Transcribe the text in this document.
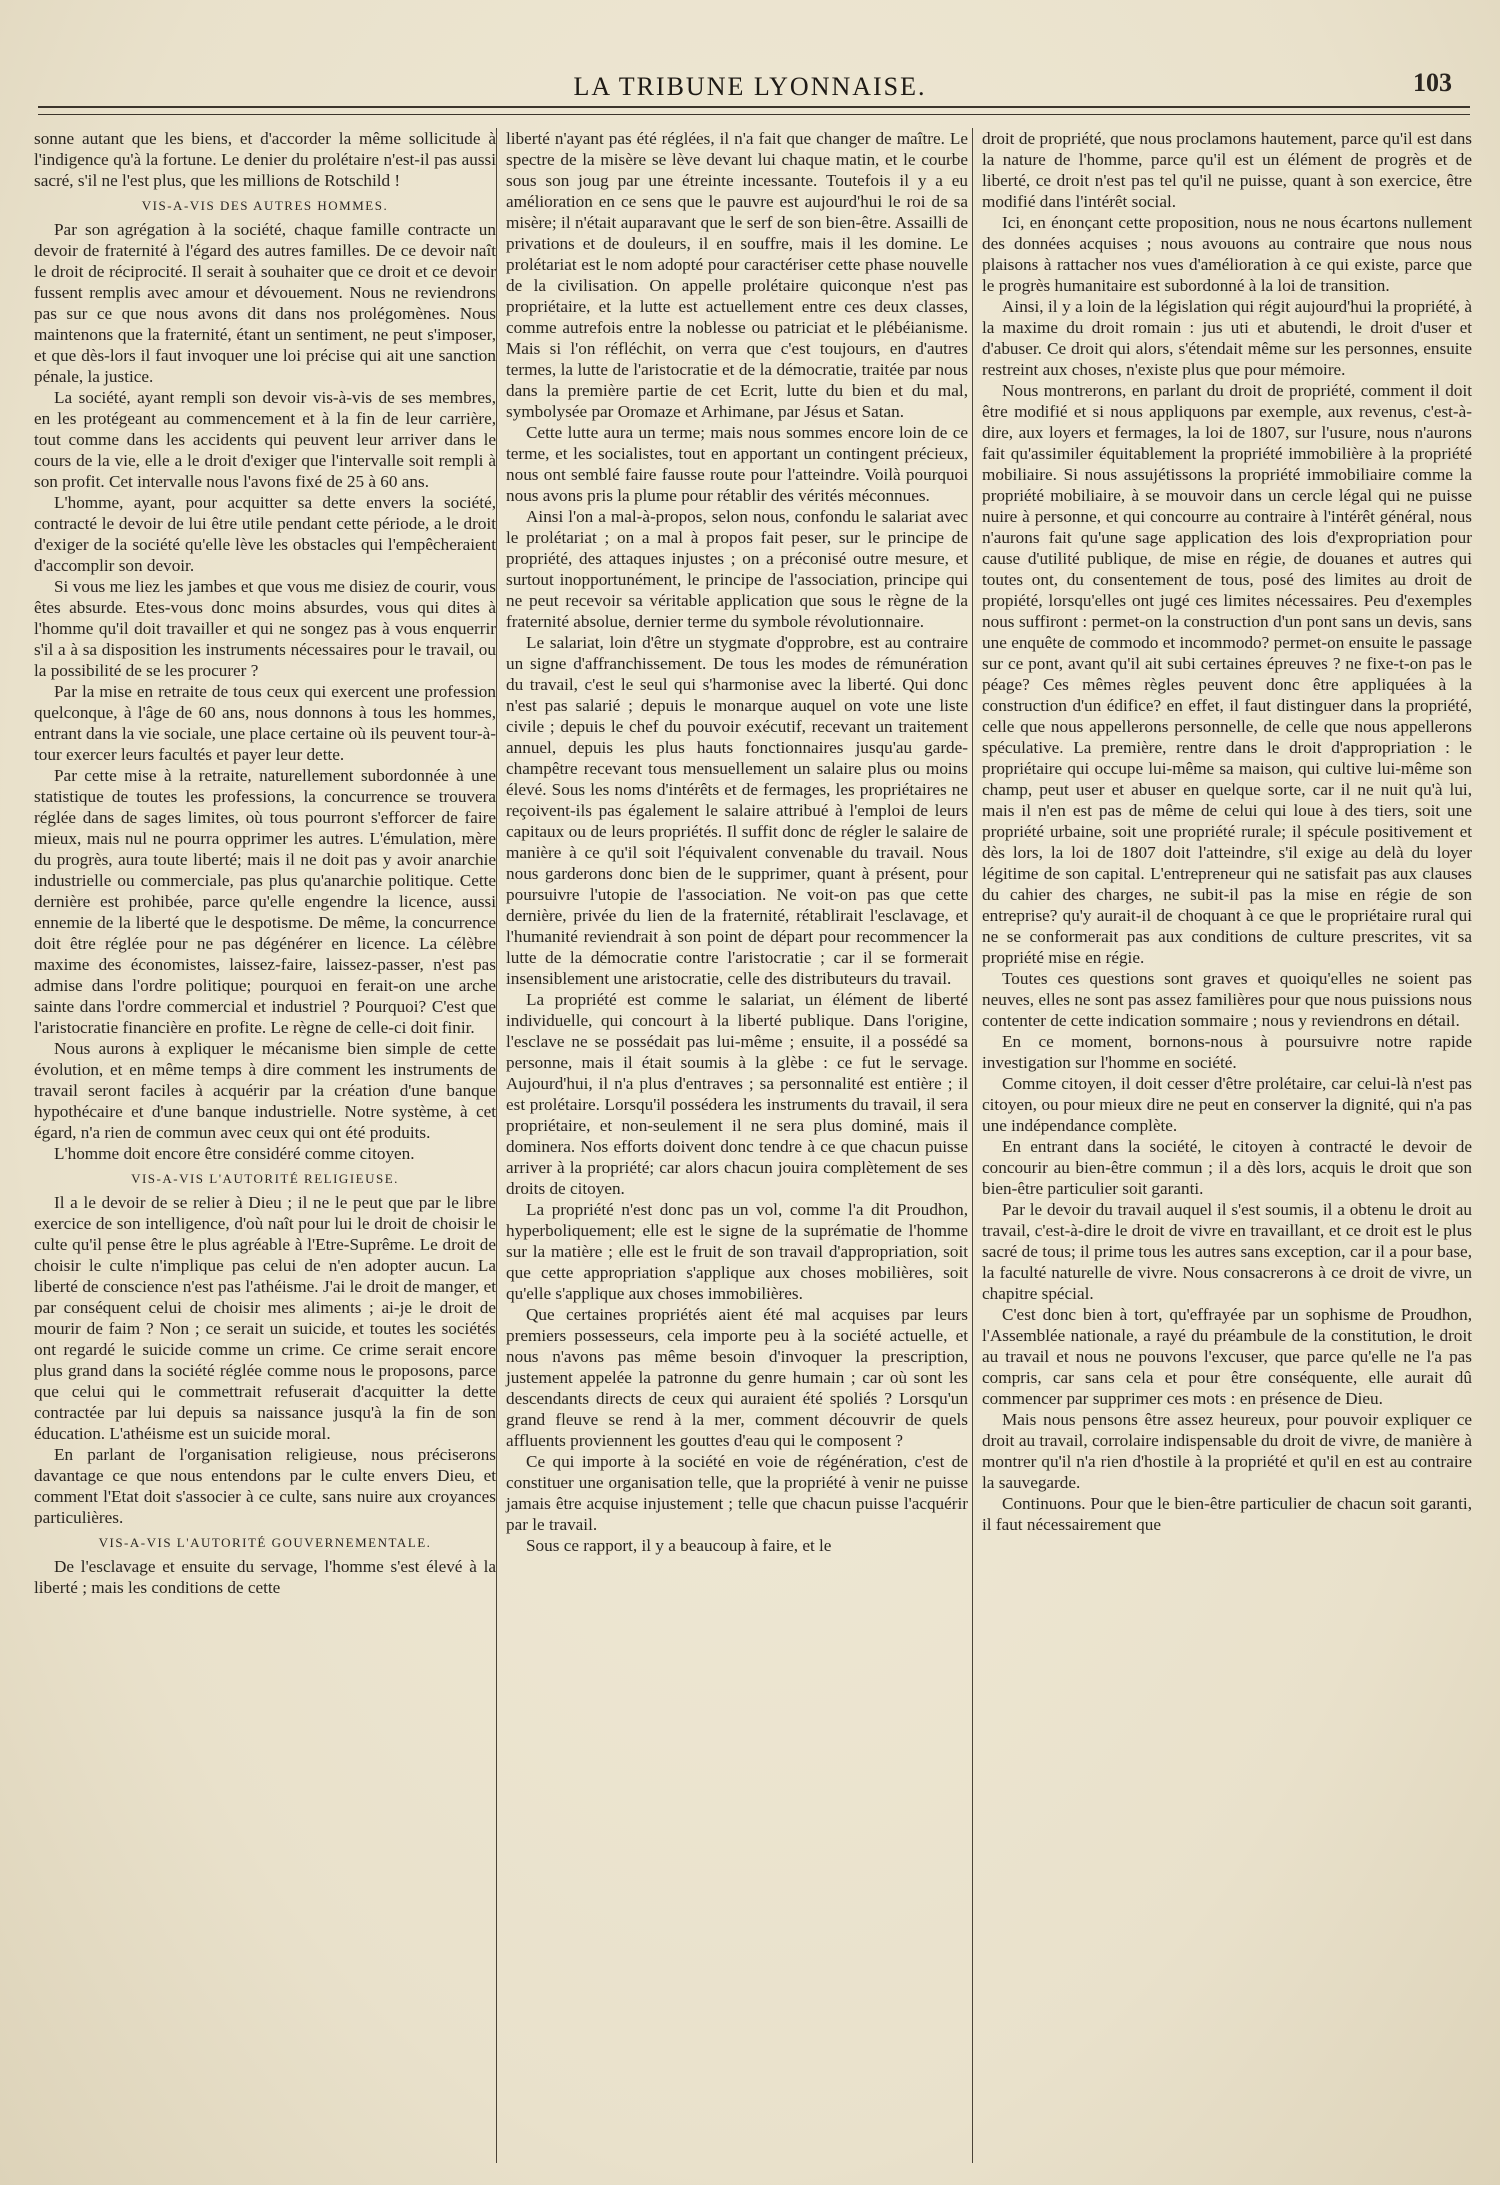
LA TRIBUNE LYONNAISE.	103

sonne autant que les biens, et d'accorder la même sollicitude à l'indigence qu'à la fortune. Le denier du prolétaire n'est-il pas aussi sacré, s'il ne l'est plus, que les millions de Rotschild !

VIS-A-VIS DES AUTRES HOMMES.

Par son agrégation à la société, chaque famille contracte un devoir de fraternité à l'égard des autres familles. De ce devoir naît le droit de réciprocité. Il serait à souhaiter que ce droit et ce devoir fussent remplis avec amour et dévouement. Nous ne reviendrons pas sur ce que nous avons dit dans nos prolégomènes. Nous maintenons que la fraternité, étant un sentiment, ne peut s'imposer, et que dès-lors il faut invoquer une loi précise qui ait une sanction pénale, la justice.

La société, ayant rempli son devoir vis-à-vis de ses membres, en les protégeant au commencement et à la fin de leur carrière, tout comme dans les accidents qui peuvent leur arriver dans le cours de la vie, elle a le droit d'exiger que l'intervalle soit rempli à son profit. Cet intervalle nous l'avons fixé de 25 à 60 ans.

L'homme, ayant, pour acquitter sa dette envers la société, contracté le devoir de lui être utile pendant cette période, a le droit d'exiger de la société qu'elle lève les obstacles qui l'empêcheraient d'accomplir son devoir.

Si vous me liez les jambes et que vous me disiez de courir, vous êtes absurde. Etes-vous donc moins absurdes, vous qui dites à l'homme qu'il doit travailler et qui ne songez pas à vous enquerrir s'il a à sa disposition les instruments nécessaires pour le travail, ou la possibilité de se les procurer ?

Par la mise en retraite de tous ceux qui exercent une profession quelconque, à l'âge de 60 ans, nous donnons à tous les hommes, entrant dans la vie sociale, une place certaine où ils peuvent tour-à-tour exercer leurs facultés et payer leur dette.

Par cette mise à la retraite, naturellement subordonnée à une statistique de toutes les professions, la concurrence se trouvera réglée dans de sages limites, où tous pourront s'efforcer de faire mieux, mais nul ne pourra opprimer les autres. L'émulation, mère du progrès, aura toute liberté; mais il ne doit pas y avoir anarchie industrielle ou commerciale, pas plus qu'anarchie politique. Cette dernière est prohibée, parce qu'elle engendre la licence, aussi ennemie de la liberté que le despotisme. De même, la concurrence doit être réglée pour ne pas dégénérer en licence. La célèbre maxime des économistes, laissez-faire, laissez-passer, n'est pas admise dans l'ordre politique; pourquoi en ferait-on une arche sainte dans l'ordre commercial et industriel ? Pourquoi? C'est que l'aristocratie financière en profite. Le règne de celle-ci doit finir.

Nous aurons à expliquer le mécanisme bien simple de cette évolution, et en même temps à dire comment les instruments de travail seront faciles à acquérir par la création d'une banque hypothécaire et d'une banque industrielle. Notre système, à cet égard, n'a rien de commun avec ceux qui ont été produits.

L'homme doit encore être considéré comme citoyen.

VIS-A-VIS L'AUTORITÉ RELIGIEUSE.

Il a le devoir de se relier à Dieu ; il ne le peut que par le libre exercice de son intelligence, d'où naît pour lui le droit de choisir le culte qu'il pense être le plus agréable à l'Etre-Suprême. Le droit de choisir le culte n'implique pas celui de n'en adopter aucun. La liberté de conscience n'est pas l'athéisme. J'ai le droit de manger, et par conséquent celui de choisir mes aliments ; ai-je le droit de mourir de faim ? Non ; ce serait un suicide, et toutes les sociétés ont regardé le suicide comme un crime. Ce crime serait encore plus grand dans la société réglée comme nous le proposons, parce que celui qui le commettrait refuserait d'acquitter la dette contractée par lui depuis sa naissance jusqu'à la fin de son éducation. L'athéisme est un suicide moral.

En parlant de l'organisation religieuse, nous préciserons davantage ce que nous entendons par le culte envers Dieu, et comment l'Etat doit s'associer à ce culte, sans nuire aux croyances particulières.

VIS-A-VIS L'AUTORITÉ GOUVERNEMENTALE.

De l'esclavage et ensuite du servage, l'homme s'est élevé à la liberté ; mais les conditions de cette

liberté n'ayant pas été réglées, il n'a fait que changer de maître. Le spectre de la misère se lève devant lui chaque matin, et le courbe sous son joug par une étreinte incessante. Toutefois il y a eu amélioration en ce sens que le pauvre est aujourd'hui le roi de sa misère; il n'était auparavant que le serf de son bien-être. Assailli de privations et de douleurs, il en souffre, mais il les domine. Le prolétariat est le nom adopté pour caractériser cette phase nouvelle de la civilisation. On appelle prolétaire quiconque n'est pas propriétaire, et la lutte est actuellement entre ces deux classes, comme autrefois entre la noblesse ou patriciat et le plébéianisme. Mais si l'on réfléchit, on verra que c'est toujours, en d'autres termes, la lutte de l'aristocratie et de la démocratie, traitée par nous dans la première partie de cet Ecrit, lutte du bien et du mal, symbolysée par Oromaze et Arhimane, par Jésus et Satan.

Cette lutte aura un terme; mais nous sommes encore loin de ce terme, et les socialistes, tout en apportant un contingent précieux, nous ont semblé faire fausse route pour l'atteindre. Voilà pourquoi nous avons pris la plume pour rétablir des vérités méconnues.

Ainsi l'on a mal-à-propos, selon nous, confondu le salariat avec le prolétariat ; on a mal à propos fait peser, sur le principe de propriété, des attaques injustes ; on a préconisé outre mesure, et surtout inopportunément, le principe de l'association, principe qui ne peut recevoir sa véritable application que sous le règne de la fraternité absolue, dernier terme du symbole révolutionnaire.

Le salariat, loin d'être un stygmate d'opprobre, est au contraire un signe d'affranchissement. De tous les modes de rémunération du travail, c'est le seul qui s'harmonise avec la liberté. Qui donc n'est pas salarié ; depuis le monarque auquel on vote une liste civile ; depuis le chef du pouvoir exécutif, recevant un traitement annuel, depuis les plus hauts fonctionnaires jusqu'au garde-champêtre recevant tous mensuellement un salaire plus ou moins élevé. Sous les noms d'intérêts et de fermages, les propriétaires ne reçoivent-ils pas également le salaire attribué à l'emploi de leurs capitaux ou de leurs propriétés. Il suffit donc de régler le salaire de manière à ce qu'il soit l'équivalent convenable du travail. Nous nous garderons donc bien de le supprimer, quant à présent, pour poursuivre l'utopie de l'association. Ne voit-on pas que cette dernière, privée du lien de la fraternité, rétablirait l'esclavage, et l'humanité reviendrait à son point de départ pour recommencer la lutte de la démocratie contre l'aristocratie ; car il se formerait insensiblement une aristocratie, celle des distributeurs du travail.

La propriété est comme le salariat, un élément de liberté individuelle, qui concourt à la liberté publique. Dans l'origine, l'esclave ne se possédait pas lui-même ; ensuite, il a possédé sa personne, mais il était soumis à la glèbe : ce fut le servage. Aujourd'hui, il n'a plus d'entraves ; sa personnalité est entière ; il est prolétaire. Lorsqu'il possédera les instruments du travail, il sera propriétaire, et non-seulement il ne sera plus dominé, mais il dominera. Nos efforts doivent donc tendre à ce que chacun puisse arriver à la propriété; car alors chacun jouira complètement de ses droits de citoyen.

La propriété n'est donc pas un vol, comme l'a dit Proudhon, hyperboliquement; elle est le signe de la suprématie de l'homme sur la matière ; elle est le fruit de son travail d'appropriation, soit que cette appropriation s'applique aux choses mobilières, soit qu'elle s'applique aux choses immobilières.

Que certaines propriétés aient été mal acquises par leurs premiers possesseurs, cela importe peu à la société actuelle, et nous n'avons pas même besoin d'invoquer la prescription, justement appelée la patronne du genre humain ; car où sont les descendants directs de ceux qui auraient été spoliés ? Lorsqu'un grand fleuve se rend à la mer, comment découvrir de quels affluents proviennent les gouttes d'eau qui le composent ?

Ce qui importe à la société en voie de régénération, c'est de constituer une organisation telle, que la propriété à venir ne puisse jamais être acquise injustement ; telle que chacun puisse l'acquérir par le travail.

Sous ce rapport, il y a beaucoup à faire, et le

droit de propriété, que nous proclamons hautement, parce qu'il est dans la nature de l'homme, parce qu'il est un élément de progrès et de liberté, ce droit n'est pas tel qu'il ne puisse, quant à son exercice, être modifié dans l'intérêt social.

Ici, en énonçant cette proposition, nous ne nous écartons nullement des données acquises ; nous avouons au contraire que nous nous plaisons à rattacher nos vues d'amélioration à ce qui existe, parce que le progrès humanitaire est subordonné à la loi de transition.

Ainsi, il y a loin de la législation qui régit aujourd'hui la propriété, à la maxime du droit romain : jus uti et abutendi, le droit d'user et d'abuser. Ce droit qui alors, s'étendait même sur les personnes, ensuite restreint aux choses, n'existe plus que pour mémoire.

Nous montrerons, en parlant du droit de propriété, comment il doit être modifié et si nous appliquons par exemple, aux revenus, c'est-à-dire, aux loyers et fermages, la loi de 1807, sur l'usure, nous n'aurons fait qu'assimiler équitablement la propriété immobilière à la propriété mobiliaire. Si nous assujétissons la propriété immobiliaire comme la propriété mobiliaire, à se mouvoir dans un cercle légal qui ne puisse nuire à personne, et qui concourre au contraire à l'intérêt général, nous n'aurons fait qu'une sage application des lois d'expropriation pour cause d'utilité publique, de mise en régie, de douanes et autres qui toutes ont, du consentement de tous, posé des limites au droit de propiété, lorsqu'elles ont jugé ces limites nécessaires. Peu d'exemples nous suffiront : permet-on la construction d'un pont sans un devis, sans une enquête de commodo et incommodo? permet-on ensuite le passage sur ce pont, avant qu'il ait subi certaines épreuves ? ne fixe-t-on pas le péage? Ces mêmes règles peuvent donc être appliquées à la construction d'un édifice? en effet, il faut distinguer dans la propriété, celle que nous appellerons personnelle, de celle que nous appellerons spéculative. La première, rentre dans le droit d'appropriation : le propriétaire qui occupe lui-même sa maison, qui cultive lui-même son champ, peut user et abuser en quelque sorte, car il ne nuit qu'à lui, mais il n'en est pas de même de celui qui loue à des tiers, soit une propriété urbaine, soit une propriété rurale; il spécule positivement et dès lors, la loi de 1807 doit l'atteindre, s'il exige au delà du loyer légitime de son capital. L'entrepreneur qui ne satisfait pas aux clauses du cahier des charges, ne subit-il pas la mise en régie de son entreprise? qu'y aurait-il de choquant à ce que le propriétaire rural qui ne se conformerait pas aux conditions de culture prescrites, vit sa propriété mise en régie.

Toutes ces questions sont graves et quoiqu'elles ne soient pas neuves, elles ne sont pas assez familières pour que nous puissions nous contenter de cette indication sommaire ; nous y reviendrons en détail.

En ce moment, bornons-nous à poursuivre notre rapide investigation sur l'homme en société.

Comme citoyen, il doit cesser d'être prolétaire, car celui-là n'est pas citoyen, ou pour mieux dire ne peut en conserver la dignité, qui n'a pas une indépendance complète.

En entrant dans la société, le citoyen à contracté le devoir de concourir au bien-être commun ; il a dès lors, acquis le droit que son bien-être particulier soit garanti.

Par le devoir du travail auquel il s'est soumis, il a obtenu le droit au travail, c'est-à-dire le droit de vivre en travaillant, et ce droit est le plus sacré de tous; il prime tous les autres sans exception, car il a pour base, la faculté naturelle de vivre. Nous consacrerons à ce droit de vivre, un chapitre spécial.

C'est donc bien à tort, qu'effrayée par un sophisme de Proudhon, l'Assemblée nationale, a rayé du préambule de la constitution, le droit au travail et nous ne pouvons l'excuser, que parce qu'elle ne l'a pas compris, car sans cela et pour être conséquente, elle aurait dû commencer par supprimer ces mots : en présence de Dieu.

Mais nous pensons être assez heureux, pour pouvoir expliquer ce droit au travail, corrolaire indispensable du droit de vivre, de manière à montrer qu'il n'a rien d'hostile à la propriété et qu'il en est au contraire la sauvegarde.

Continuons. Pour que le bien-être particulier de chacun soit garanti, il faut nécessairement que
